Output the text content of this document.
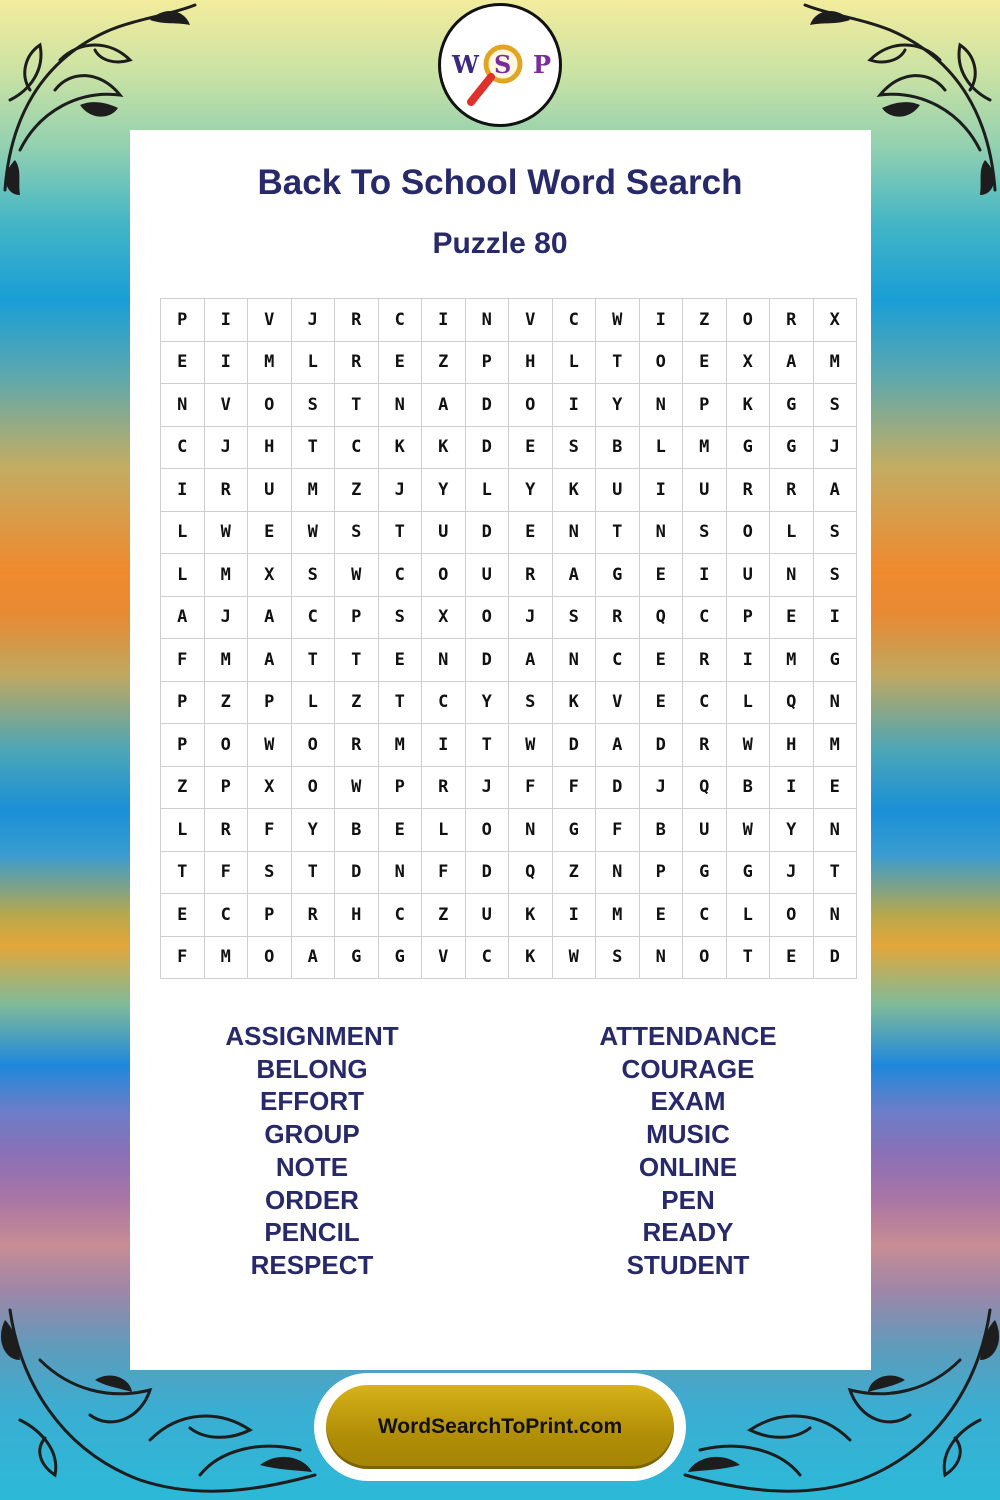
Back To School Word Search
Puzzle 80
P	I	V	J	R	C	I	N	V	C	W	I	Z	O	R	X
E	I	M	L	R	E	Z	P	H	L	T	O	E	X	A	M
N	V	O	S	T	N	A	D	O	I	Y	N	P	K	G	S
C	J	H	T	C	K	K	D	E	S	B	L	M	G	G	J
I	R	U	M	Z	J	Y	L	Y	K	U	I	U	R	R	A
L	W	E	W	S	T	U	D	E	N	T	N	S	O	L	S
L	M	X	S	W	C	O	U	R	A	G	E	I	U	N	S
A	J	A	C	P	S	X	O	J	S	R	Q	C	P	E	I
F	M	A	T	T	E	N	D	A	N	C	E	R	I	M	G
P	Z	P	L	Z	T	C	Y	S	K	V	E	C	L	Q	N
P	O	W	O	R	M	I	T	W	D	A	D	R	W	H	M
Z	P	X	O	W	P	R	J	F	F	D	J	Q	B	I	E
L	R	F	Y	B	E	L	O	N	G	F	B	U	W	Y	N
T	F	S	T	D	N	F	D	Q	Z	N	P	G	G	J	T
E	C	P	R	H	C	Z	U	K	I	M	E	C	L	O	N
F	M	O	A	G	G	V	C	K	W	S	N	O	T	E	D
ASSIGNMENT
BELONG
EFFORT
GROUP
NOTE
ORDER
PENCIL
RESPECT
ATTENDANCE
COURAGE
EXAM
MUSIC
ONLINE
PEN
READY
STUDENT
W S P
WordSearchToPrint.com
